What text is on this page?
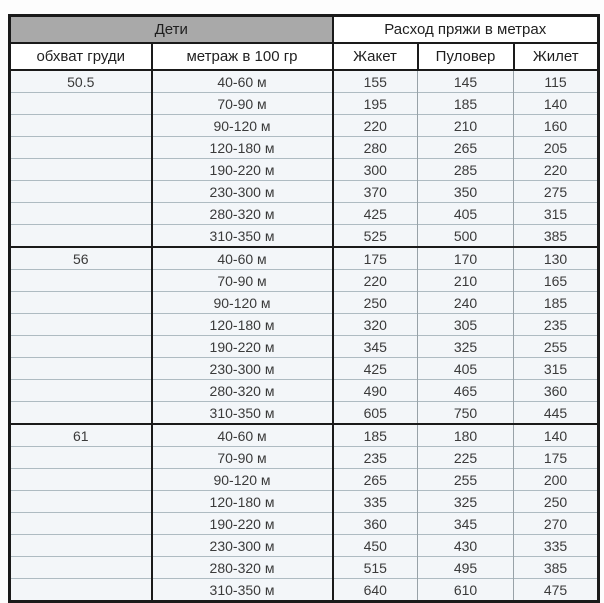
Дети		Расход пряжи в метрах		
обхват груди	метраж в 100 гр	Жакет	Пуловер	Жилет
50.5	40-60 м	155	145	115
	70-90 м	195	185	140
	90-120 м	220	210	160
	120-180 м	280	265	205
	190-220 м	300	285	220
	230-300 м	370	350	275
	280-320 м	425	405	315
	310-350 м	525	500	385
56	40-60 м	175	170	130
	70-90 м	220	210	165
	90-120 м	250	240	185
	120-180 м	320	305	235
	190-220 м	345	325	255
	230-300 м	425	405	315
	280-320 м	490	465	360
	310-350 м	605	750	445
61	40-60 м	185	180	140
	70-90 м	235	225	175
	90-120 м	265	255	200
	120-180 м	335	325	250
	190-220 м	360	345	270
	230-300 м	450	430	335
	280-320 м	515	495	385
	310-350 м	640	610	475
